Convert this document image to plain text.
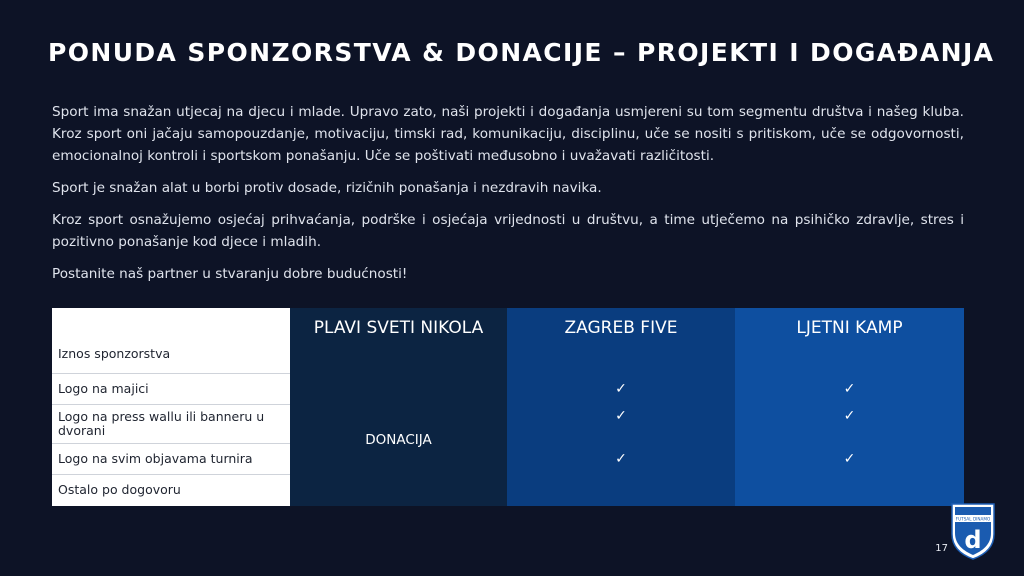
PONUDA SPONZORSTVA & DONACIJE – PROJEKTI I DOGAĐANJA

Sport ima snažan utjecaj na djecu i mlade. Upravo zato, naši projekti i događanja usmjereni su tom segmentu društva i našeg kluba. Kroz sport oni jačaju samopouzdanje, motivaciju, timski rad, komunikaciju, disciplinu, uče se nositi s pritiskom, uče se odgovornosti, emocionalnoj kontroli i sportskom ponašanju. Uče se poštivati međusobno i uvažavati različitosti.

Sport je snažan alat u borbi protiv dosade, rizičnih ponašanja i nezdravih navika.

Kroz sport osnažujemo osjećaj prihvaćanja, podrške i osjećaja vrijednosti u društvu, a time utječemo na psihičko zdravlje, stres i pozitivno ponašanje kod djece i mladih.

Postanite naš partner u stvaranju dobre budućnosti!

Iznos sponzorstva	PLAVI SVETI NIKOLA	ZAGREB FIVE	LJETNI KAMP
Logo na majici	DONACIJA	✓	✓
Logo na press wallu ili banneru u dvorani		✓	✓
Logo na svim objavama turnira		✓	✓
Ostalo po dogovoru			
FUTSAL DINAMO
d
17
